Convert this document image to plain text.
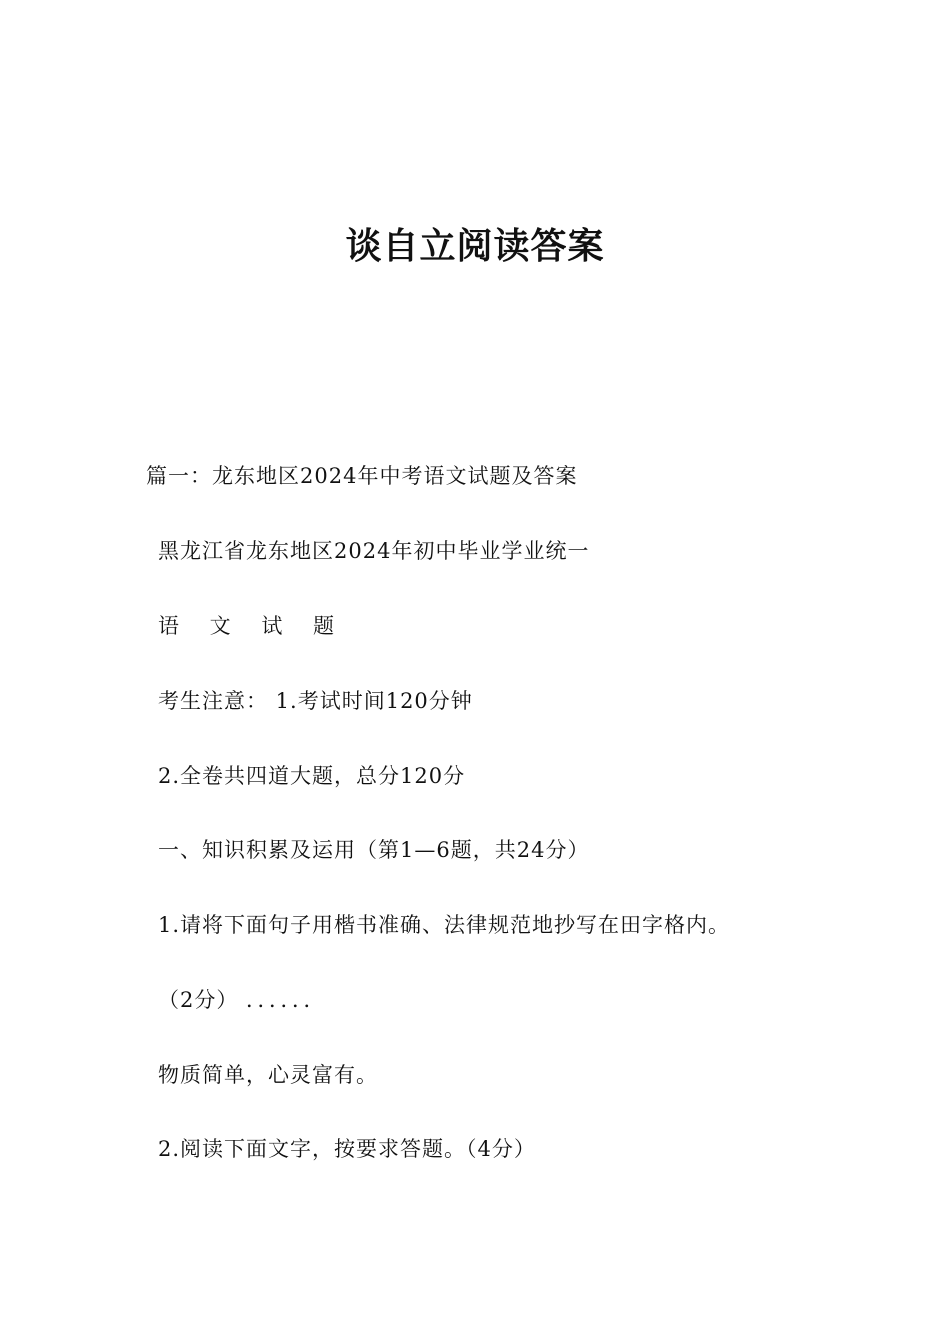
谈自立阅读答案

篇一：龙东地区2024年中考语文试题及答案

黑龙江省龙东地区2024年初中毕业学业统一

语 文 试 题

考生注意： 1.考试时间120分钟

2.全卷共四道大题，总分120分

一、知识积累及运用（第1—6题，共24分）

1.请将下面句子用楷书准确、法律规范地抄写在田字格内。

（2分） ．．．．．．

物质简单，心灵富有。

2.阅读下面文字，按要求答题。（4分）
